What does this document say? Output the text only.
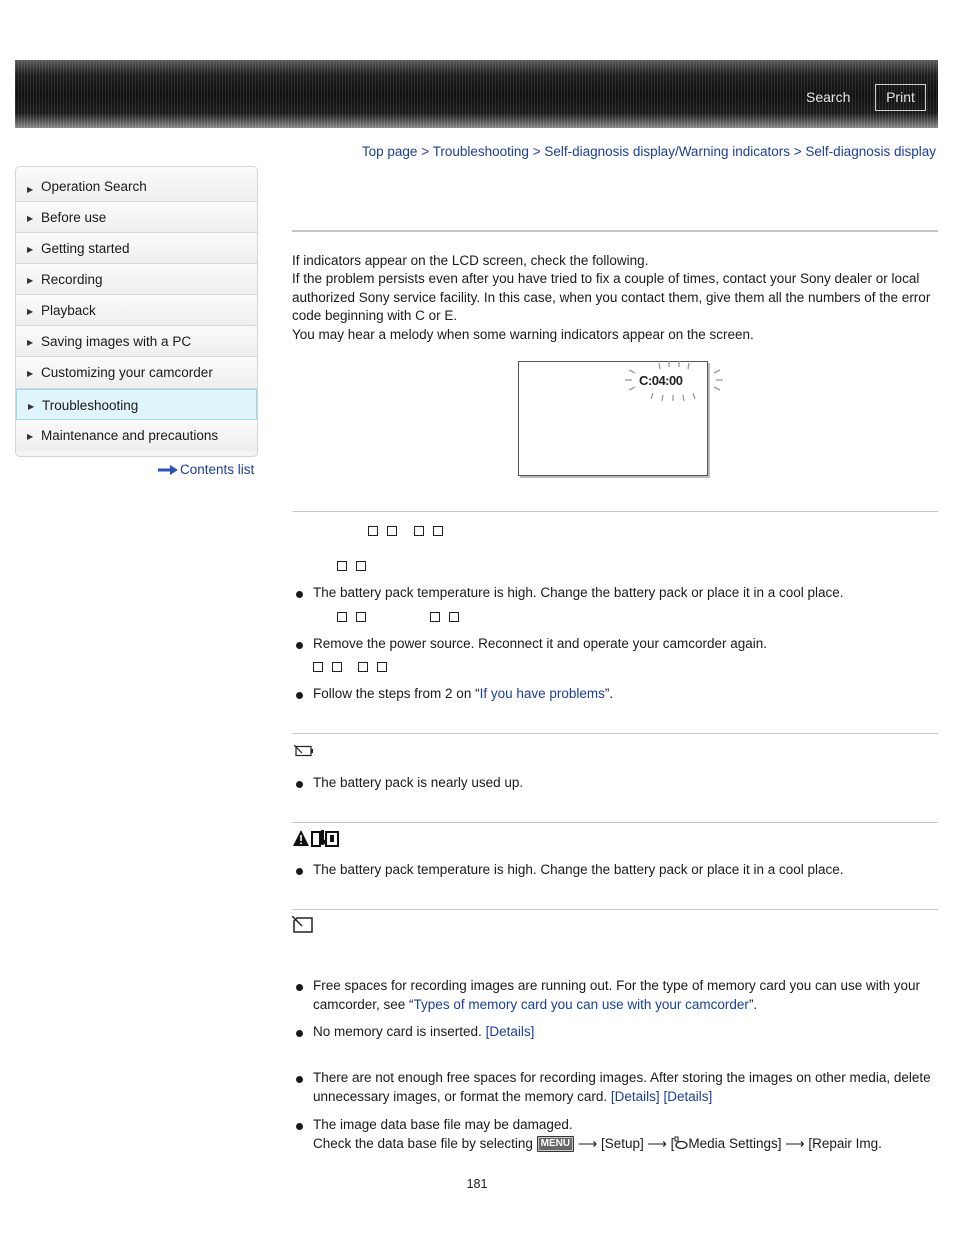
Search	Print
Top page > Troubleshooting > Self-diagnosis display/Warning indicators > Self-diagnosis display
▶ Operation Search
▶ Before use
▶ Getting started
▶ Recording
▶ Playback
▶ Saving images with a PC
▶ Customizing your camcorder
▶ Troubleshooting
▶ Maintenance and precautions
Contents list
If indicators appear on the LCD screen, check the following.
If the problem persists even after you have tried to fix a couple of times, contact your Sony dealer or local authorized Sony service facility. In this case, when you contact them, give them all the numbers of the error code beginning with C or E.
You may hear a melody when some warning indicators appear on the screen.
C:04:00
The battery pack temperature is high. Change the battery pack or place it in a cool place.
Remove the power source. Reconnect it and operate your camcorder again.
Follow the steps from 2 on “If you have problems”.
The battery pack is nearly used up.
The battery pack temperature is high. Change the battery pack or place it in a cool place.
Free spaces for recording images are running out. For the type of memory card you can use with your camcorder, see “Types of memory card you can use with your camcorder”.
No memory card is inserted. [Details]
There are not enough free spaces for recording images. After storing the images on other media, delete unnecessary images, or format the memory card. [Details] [Details]
The image data base file may be damaged.
Check the data base file by selecting MENU ⟶ [Setup] ⟶ [ Media Settings] ⟶ [Repair Img.
181
